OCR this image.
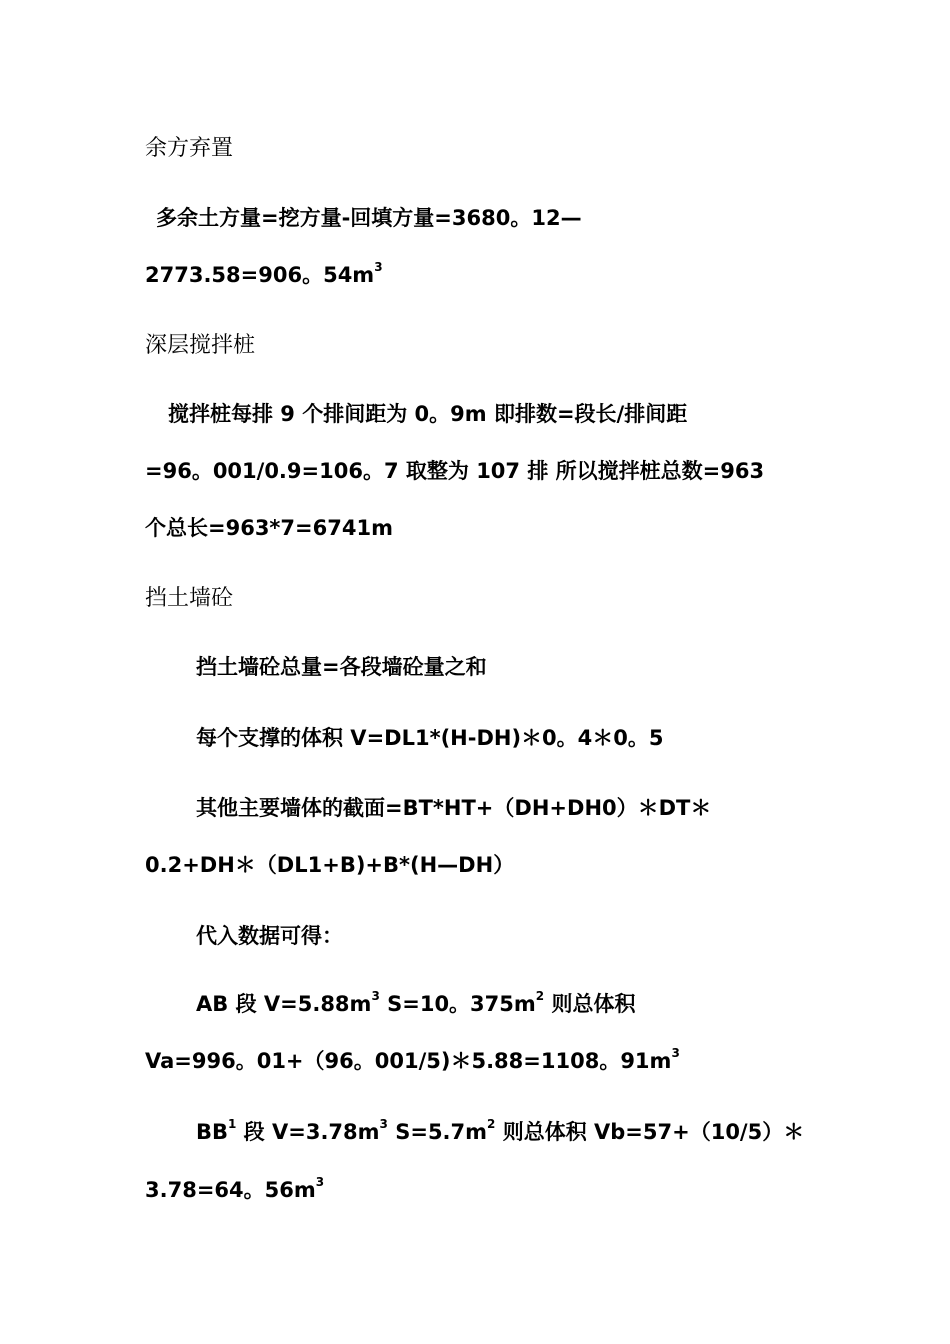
余方弃置
多余土方量=挖方量-回填方量=3680。12—
2773.58=906。$54m^3$
深层搅拌桩
搅拌桩每排 9 个排间距为 0。9m 即排数=段长/排间距
=96。001/0.9=106。7 取整为 107 排 所以搅拌桩总数=963
个总长=963*7=6741m
挡土墙砼
挡土墙砼总量=各段墙砼量之和
每个支撑的体积 V=DL1*(H-DH)＊0。4＊0。5
其他主要墙体的截面=BT*HT+（DH+DH0）＊DT＊
0.2+DH＊（DL1+B)+B*(H—DH）
代入数据可得：
AB 段 $V=5.88m^3$ S=10。$375m^2$ 则总体积
Va=996。01+（96。001/5)＊5.88=1108。$91m^3$
$BB^1$ 段 $V=3.78m^3$ $S=5.7m^2$ 则总体积 Vb=57+（10/5）＊
3.78=64。$56m^3$
